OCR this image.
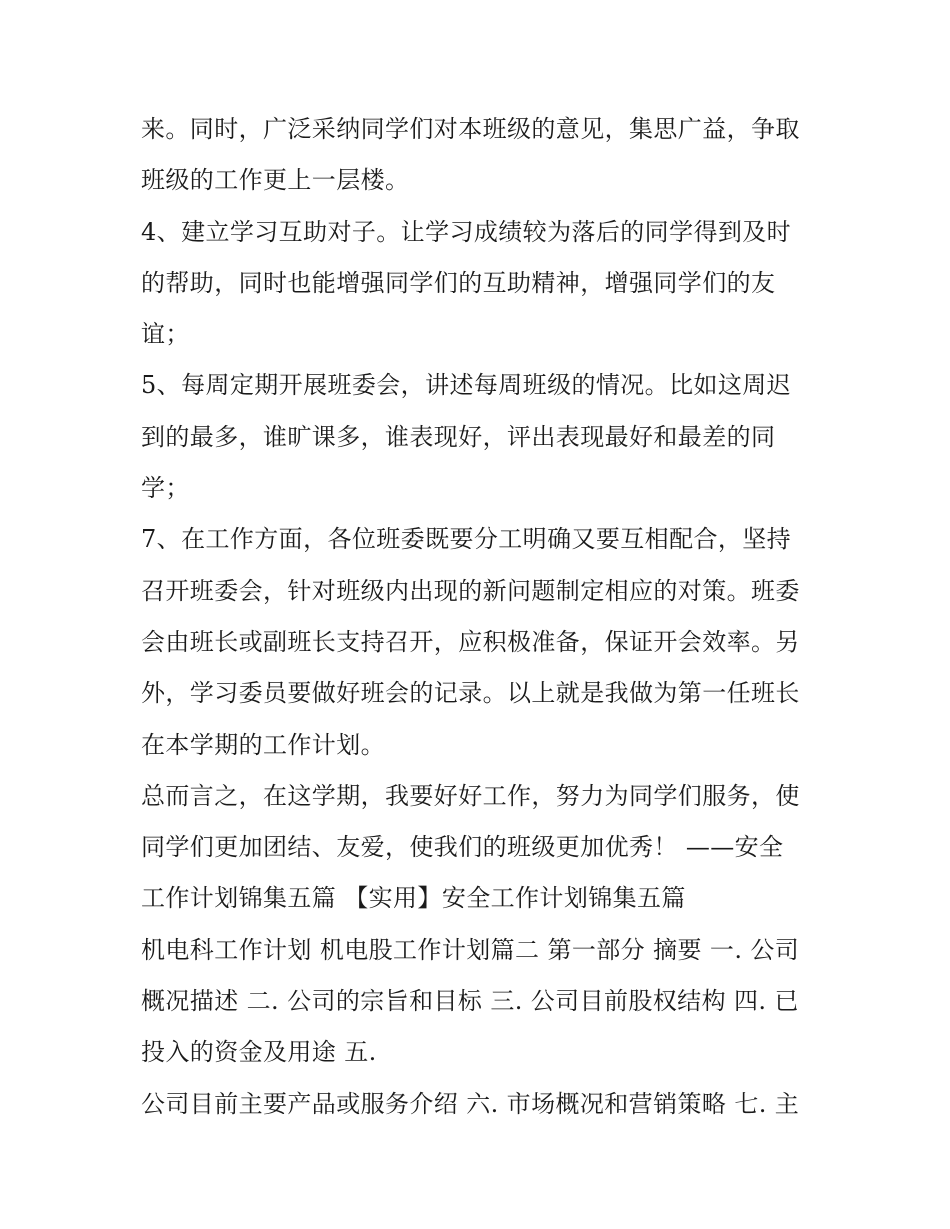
来。同时，广泛采纳同学们对本班级的意见，集思广益，争取
班级的工作更上一层楼。
4、建立学习互助对子。让学习成绩较为落后的同学得到及时
的帮助，同时也能增强同学们的互助精神，增强同学们的友
谊；
5、每周定期开展班委会，讲述每周班级的情况。比如这周迟
到的最多，谁旷课多，谁表现好，评出表现最好和最差的同
学；
7、在工作方面，各位班委既要分工明确又要互相配合，坚持
召开班委会，针对班级内出现的新问题制定相应的对策。班委
会由班长或副班长支持召开，应积极准备，保证开会效率。另
外，学习委员要做好班会的记录。以上就是我做为第一任班长
在本学期的工作计划。
总而言之，在这学期，我要好好工作，努力为同学们服务，使
同学们更加团结、友爱，使我们的班级更加优秀！ ——安全
工作计划锦集五篇 【实用】安全工作计划锦集五篇
机电科工作计划 机电股工作计划篇二 第一部分 摘要 一. 公司
概况描述 二. 公司的宗旨和目标 三. 公司目前股权结构 四. 已
投入的资金及用途 五.
公司目前主要产品或服务介绍 六. 市场概况和营销策略 七. 主
